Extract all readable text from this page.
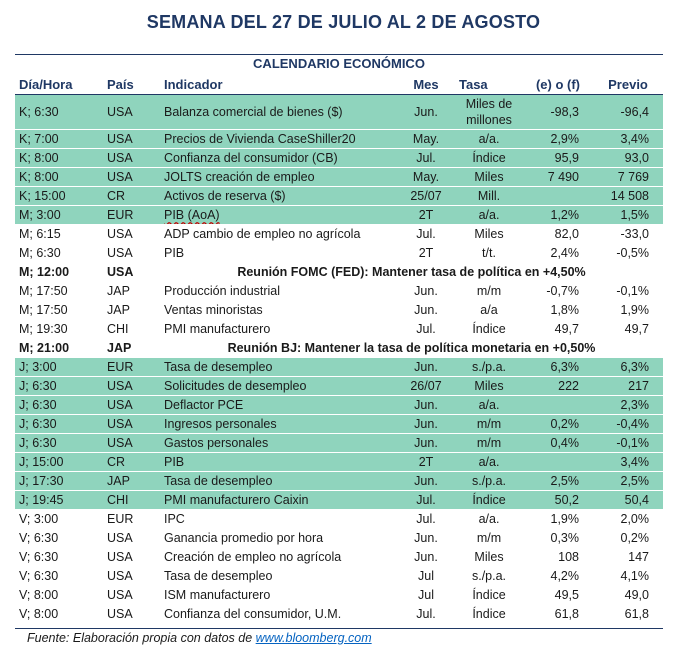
SEMANA DEL 27 DE JULIO AL 2 DE AGOSTO
CALENDARIO ECONÓMICO
Día/Hora	País	Indicador	Mes	Tasa	(e) o (f)	Previo
K; 6:30	USA	Balanza comercial de bienes ($)	Jun.	Miles de millones	-98,3	-96,4
K; 7:00	USA	Precios de Vivienda CaseShiller20	May.	a/a.	2,9%	3,4%
K; 8:00	USA	Confianza del consumidor (CB)	Jul.	Índice	95,9	93,0
K; 8:00	USA	JOLTS creación de empleo	May.	Miles	7 490	7 769
K; 15:00	CR	Activos de reserva ($)	25/07	Mill.		14 508
M; 3:00	EUR	PIB (AoA)	2T	a/a.	1,2%	1,5%
M; 6:15	USA	ADP cambio de empleo no agrícola	Jul.	Miles	82,0	-33,0
M; 6:30	USA	PIB	2T	t/t.	2,4%	-0,5%
M; 12:00	USA	Reunión FOMC (FED): Mantener tasa de política en +4,50%				
M; 17:50	JAP	Producción industrial	Jun.	m/m	-0,7%	-0,1%
M; 17:50	JAP	Ventas minoristas	Jun.	a/a	1,8%	1,9%
M; 19:30	CHI	PMI manufacturero	Jul.	Índice	49,7	49,7
M; 21:00	JAP	Reunión BJ: Mantener la tasa de política monetaria en +0,50%				
J; 3:00	EUR	Tasa de desempleo	Jun.	s./p.a.	6,3%	6,3%
J; 6:30	USA	Solicitudes de desempleo	26/07	Miles	222	217
J; 6:30	USA	Deflactor PCE	Jun.	a/a.		2,3%
J; 6:30	USA	Ingresos personales	Jun.	m/m	0,2%	-0,4%
J; 6:30	USA	Gastos personales	Jun.	m/m	0,4%	-0,1%
J; 15:00	CR	PIB	2T	a/a.		3,4%
J; 17:30	JAP	Tasa de desempleo	Jun.	s./p.a.	2,5%	2,5%
J; 19:45	CHI	PMI manufacturero Caixin	Jul.	Índice	50,2	50,4
V; 3:00	EUR	IPC	Jul.	a/a.	1,9%	2,0%
V; 6:30	USA	Ganancia promedio por hora	Jun.	m/m	0,3%	0,2%
V; 6:30	USA	Creación de empleo no agrícola	Jun.	Miles	108	147
V; 6:30	USA	Tasa de desempleo	Jul	s./p.a.	4,2%	4,1%
V; 8:00	USA	ISM manufacturero	Jul	Índice	49,5	49,0
V; 8:00	USA	Confianza del consumidor, U.M.	Jul.	Índice	61,8	61,8
Fuente: Elaboración propia con datos de www.bloomberg.com
